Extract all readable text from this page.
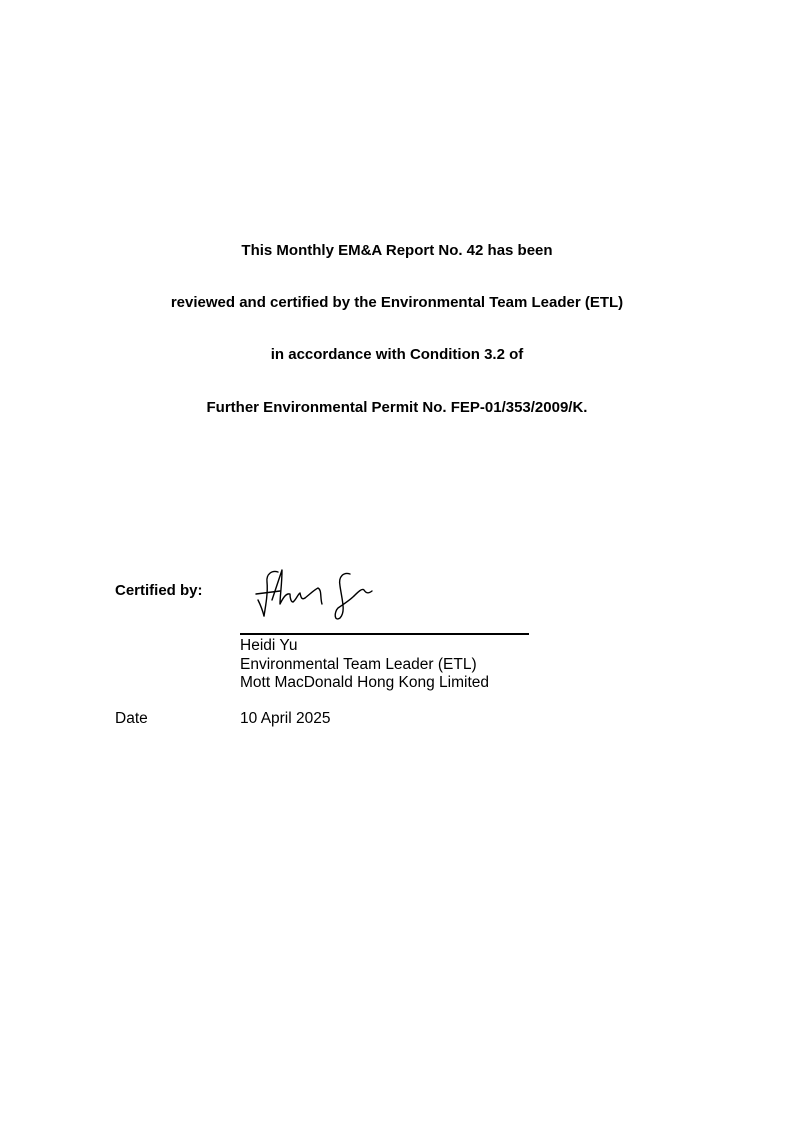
This Monthly EM&A Report No. 42 has been
reviewed and certified by the Environmental Team Leader (ETL)
in accordance with Condition 3.2 of
Further Environmental Permit No. FEP-01/353/2009/K.
Certified by:
Heidi Yu
Environmental Team Leader (ETL)
Mott MacDonald Hong Kong Limited
Date	10 April 2025
